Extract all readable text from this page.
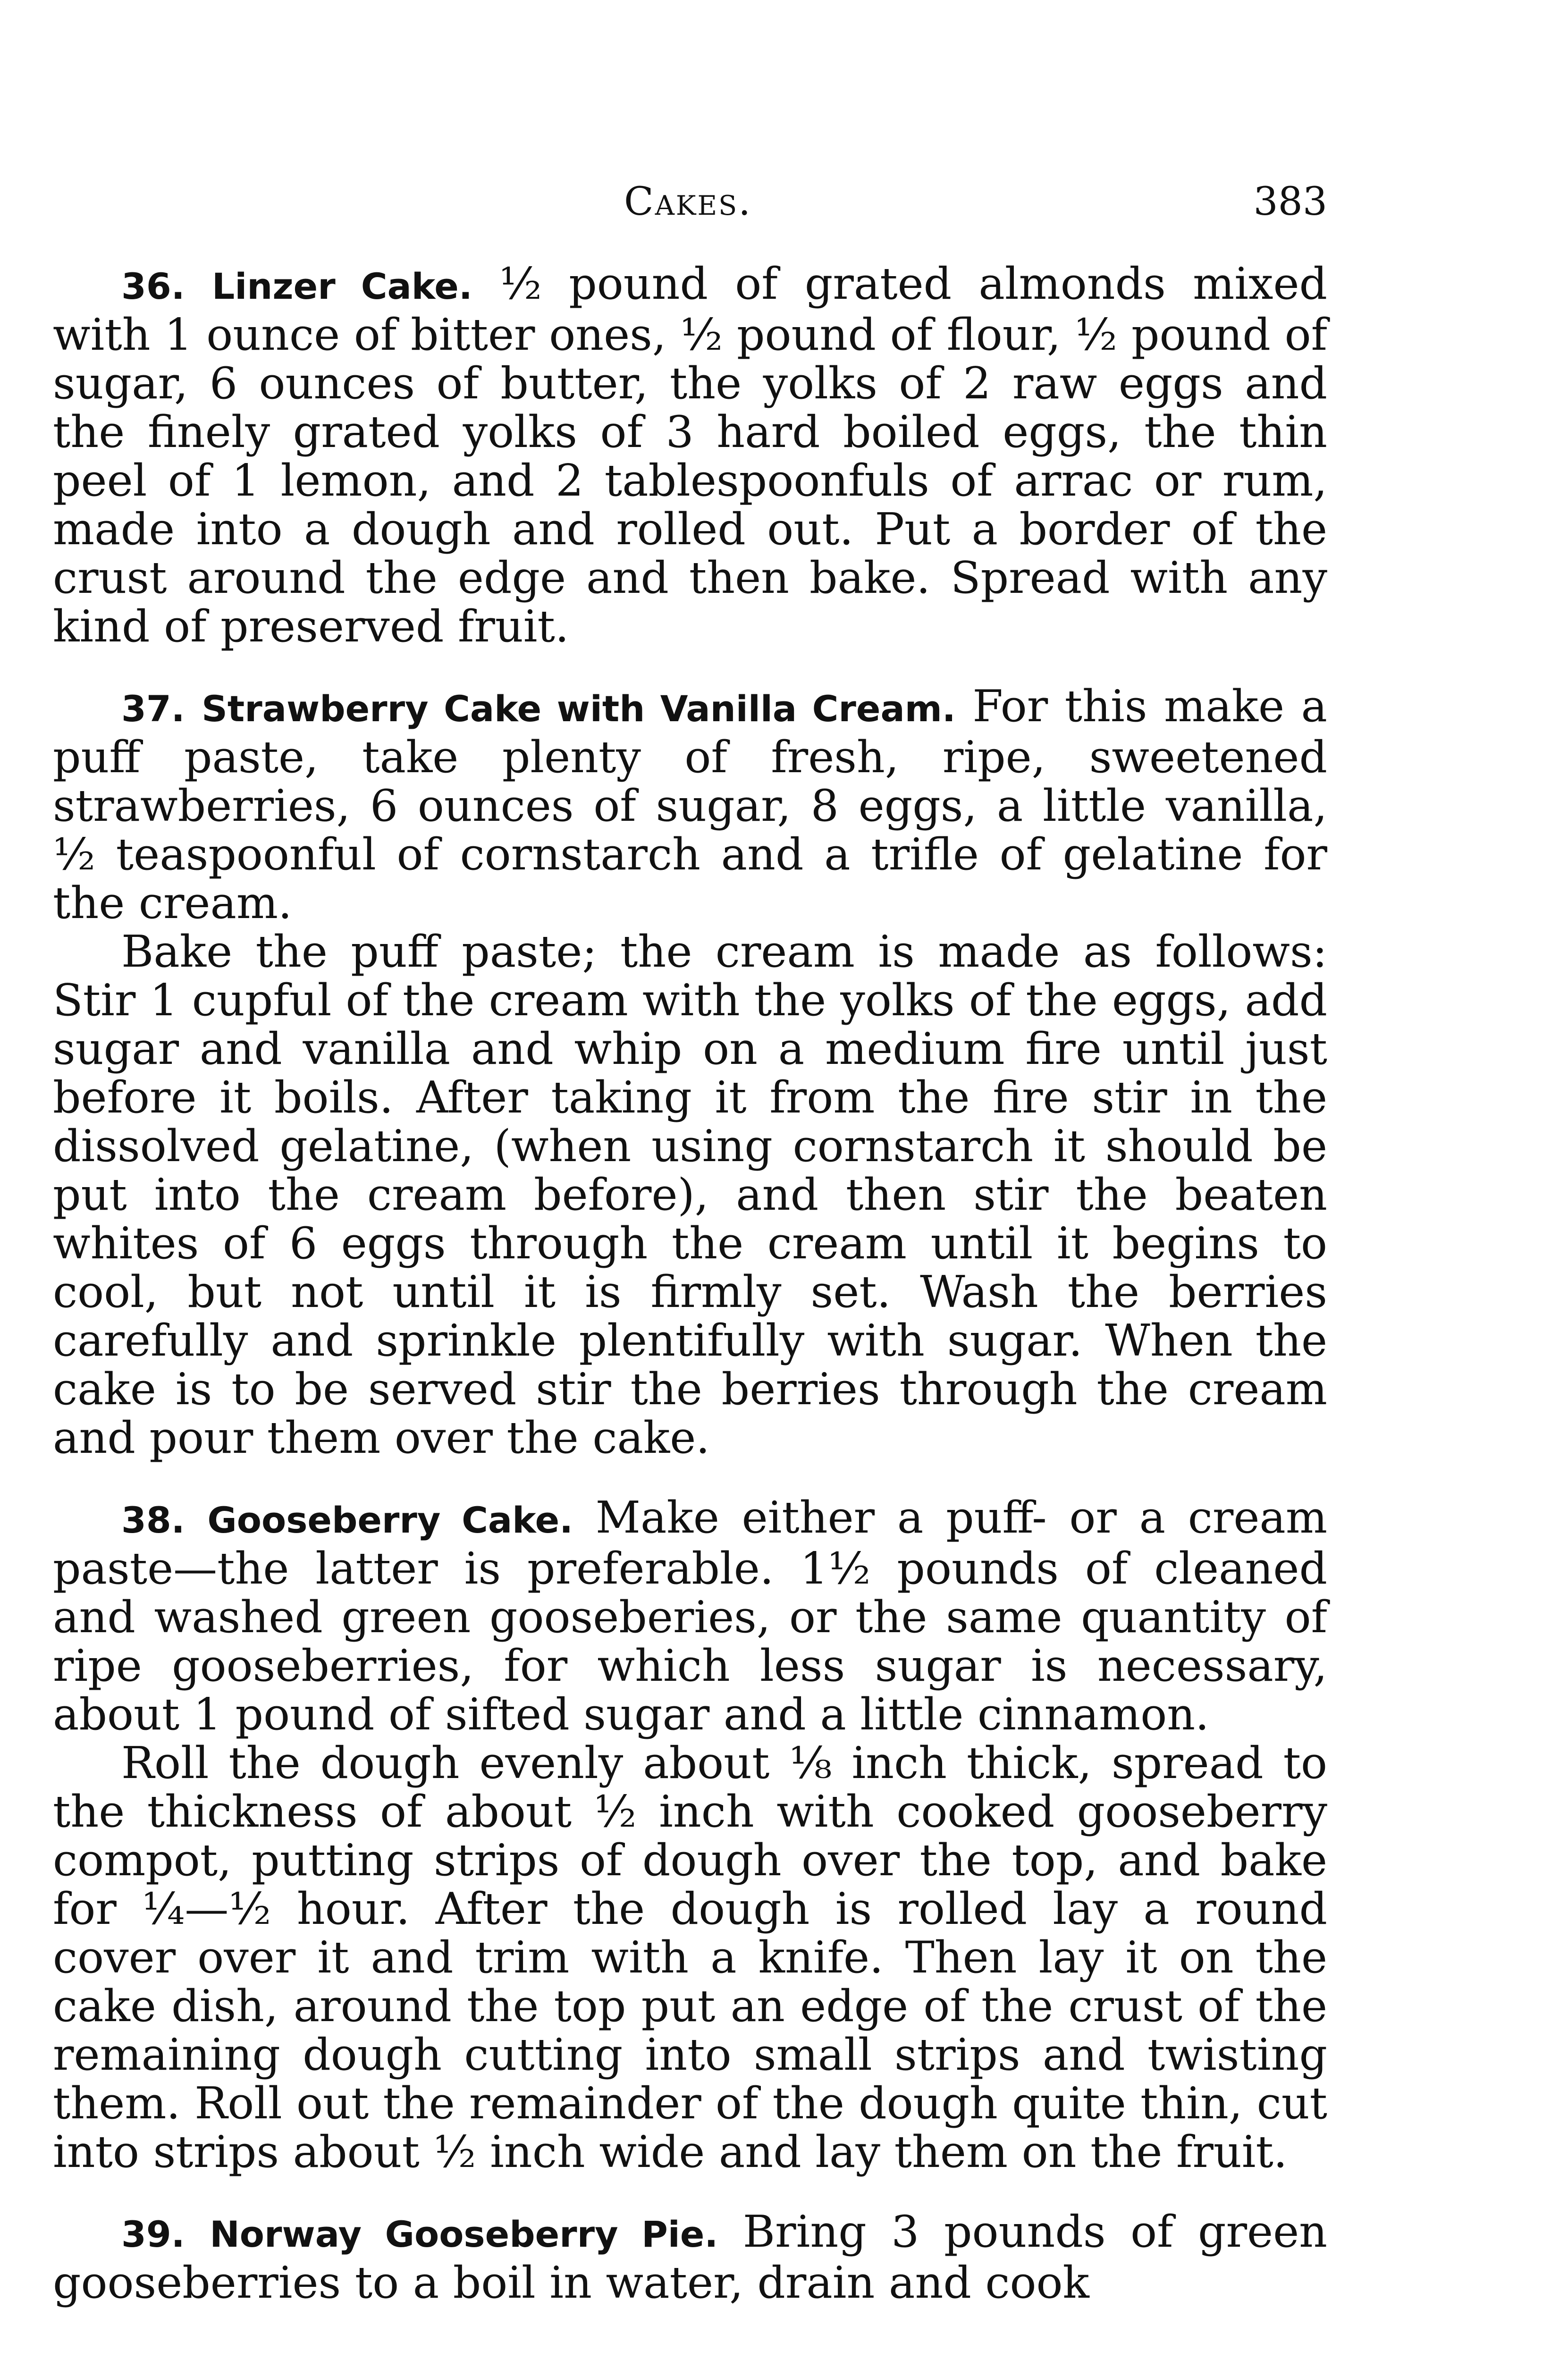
Cakes.	383

36. Linzer Cake. ½ pound of grated almonds mixed with 1 ounce of bitter ones, ½ pound of flour, ½ pound of sugar, 6 ounces of butter, the yolks of 2 raw eggs and the finely grated yolks of 3 hard boiled eggs, the thin peel of 1 lemon, and 2 tablespoonfuls of arrac or rum, made into a dough and rolled out. Put a border of the crust around the edge and then bake. Spread with any kind of preserved fruit.

37. Strawberry Cake with Vanilla Cream. For this make a puff paste, take plenty of fresh, ripe, sweetened strawberries, 6 ounces of sugar, 8 eggs, a little vanilla, ½ teaspoonful of cornstarch and a trifle of gelatine for the cream.

Bake the puff paste; the cream is made as follows: Stir 1 cupful of the cream with the yolks of the eggs, add sugar and vanilla and whip on a medium fire until just before it boils. After taking it from the fire stir in the dissolved gelatine, (when using cornstarch it should be put into the cream before), and then stir the beaten whites of 6 eggs through the cream until it begins to cool, but not until it is firmly set. Wash the berries carefully and sprinkle plentifully with sugar. When the cake is to be served stir the berries through the cream and pour them over the cake.

38. Gooseberry Cake. Make either a puff- or a cream paste—the latter is preferable. 1½ pounds of cleaned and washed green gooseberies, or the same quantity of ripe gooseberries, for which less sugar is necessary, about 1 pound of sifted sugar and a little cinnamon.

Roll the dough evenly about ⅛ inch thick, spread to the thickness of about ½ inch with cooked gooseberry compot, putting strips of dough over the top, and bake for ¼—½ hour. After the dough is rolled lay a round cover over it and trim with a knife. Then lay it on the cake dish, around the top put an edge of the crust of the remaining dough cutting into small strips and twisting them. Roll out the remainder of the dough quite thin, cut into strips about ½ inch wide and lay them on the fruit.

39. Norway Gooseberry Pie. Bring 3 pounds of green gooseberries to a boil in water, drain and cook
